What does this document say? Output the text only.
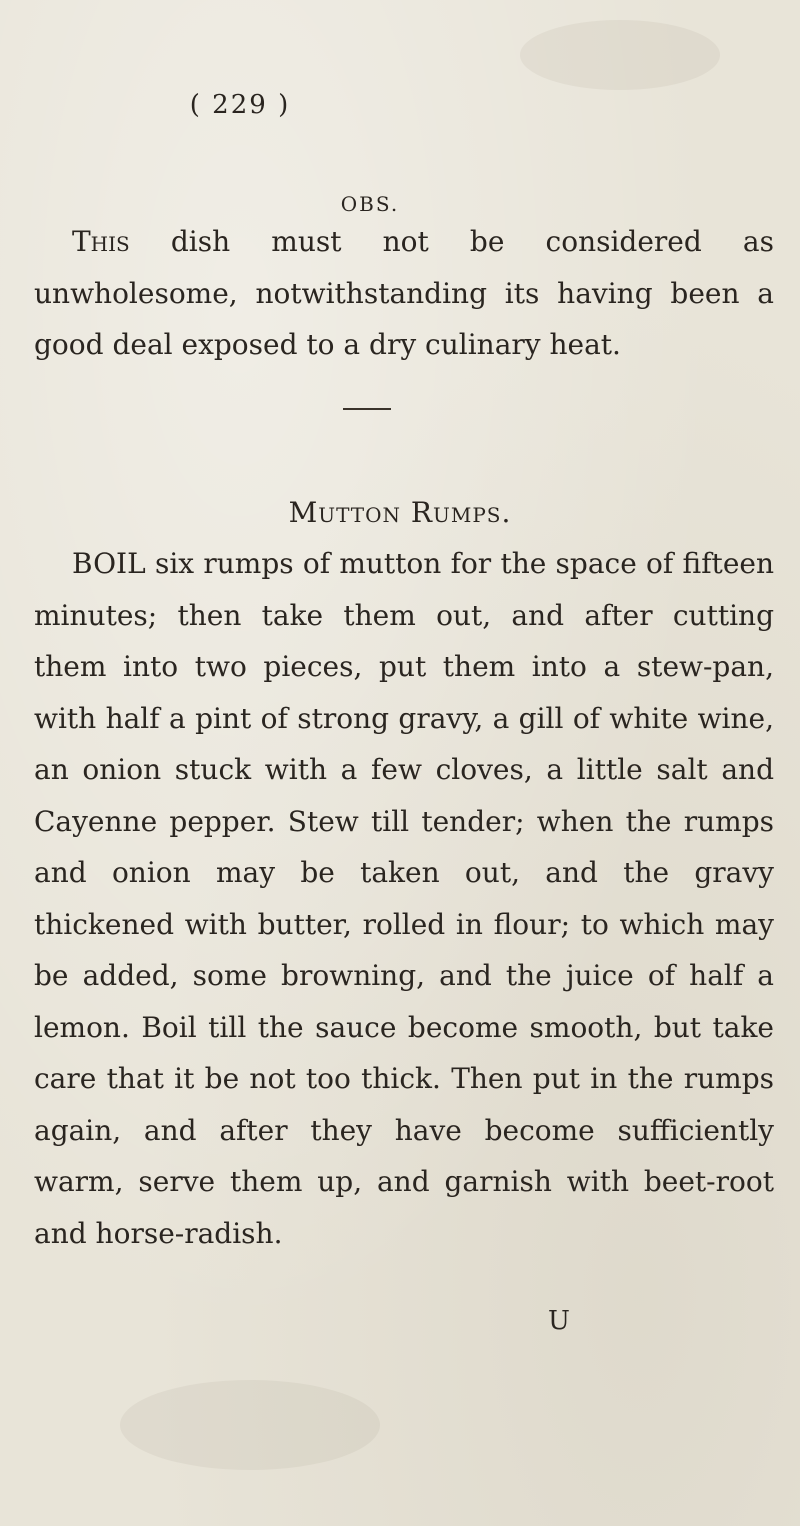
( 229 )
OBS.

This dish must not be considered as unwholesome, notwithstanding its having been a good deal exposed to a dry culinary heat.

Mutton Rumps.

BOIL six rumps of mutton for the space of fifteen minutes; then take them out, and after cutting them into two pieces, put them into a stew-pan, with half a pint of strong gravy, a gill of white wine, an onion stuck with a few cloves, a little salt and Cayenne pepper. Stew till tender; when the rumps and onion may be taken out, and the gravy thickened with butter, rolled in flour; to which may be added, some browning, and the juice of half a lemon. Boil till the sauce become smooth, but take care that it be not too thick. Then put in the rumps again, and after they have become sufficiently warm, serve them up, and garnish with beet-root and horse-radish.

U
